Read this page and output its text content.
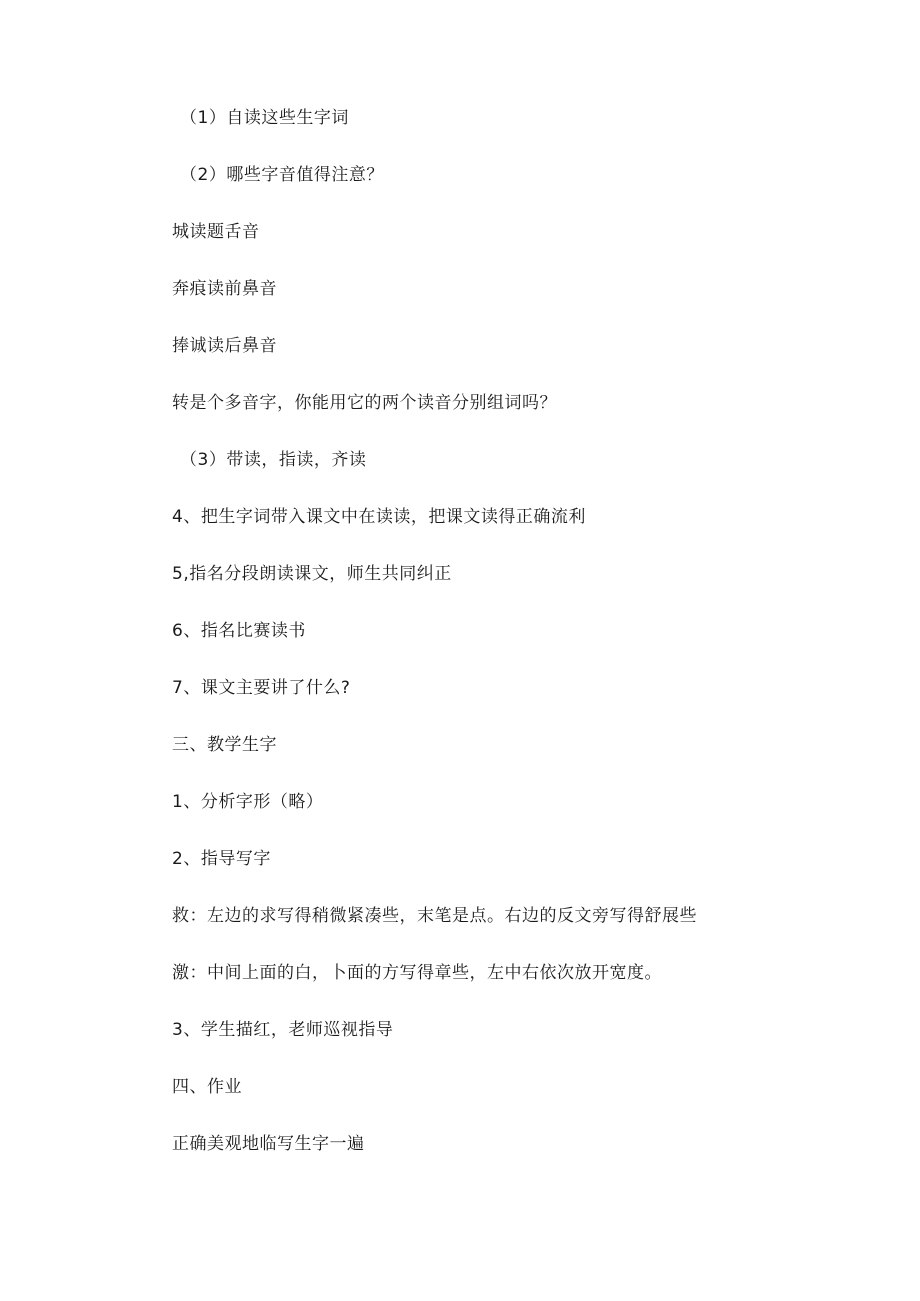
（1）自读这些生字词
（2）哪些字音值得注意？
城读题舌音
奔痕读前鼻音
捧诚读后鼻音
转是个多音字，你能用它的两个读音分别组词吗？
（3）带读，指读，齐读
4、把生字词带入课文中在读读，把课文读得正确流利
5,指名分段朗读课文，师生共同纠正
6、指名比赛读书
7、课文主要讲了什么?
三、教学生字
1、分析字形（略）
2、指导写字
救：左边的求写得稍微紧凑些，末笔是点。右边的反文旁写得舒展些
激：中间上面的白，卜面的方写得章些，左中右依次放开宽度。
3、学生描红，老师巡视指导
四、作业
正确美观地临写生字一遍
